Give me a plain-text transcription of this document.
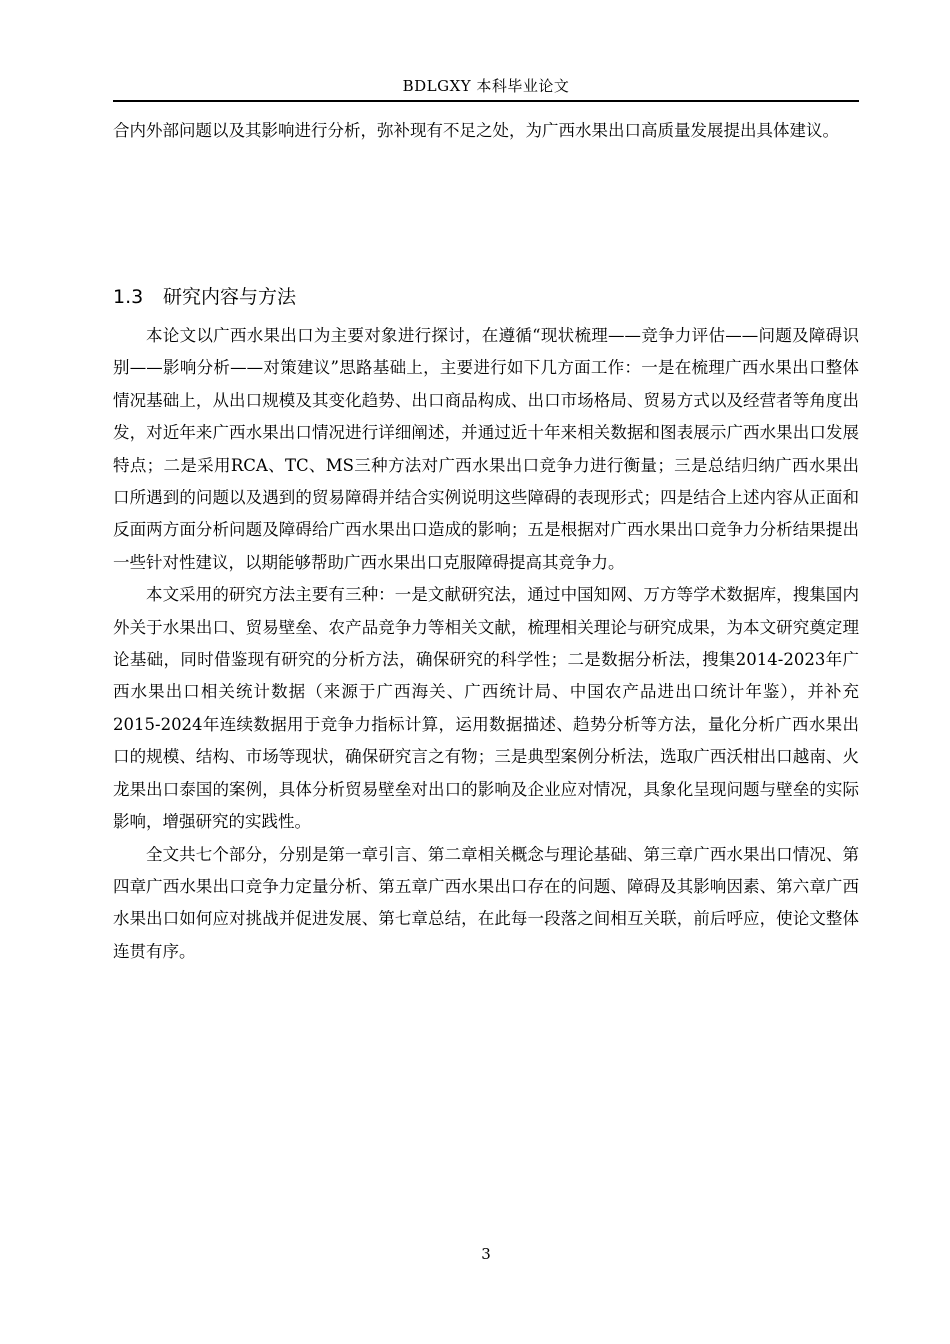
BDLGXY 本科毕业论文

合内外部问题以及其影响进行分析，弥补现有不足之处，为广西水果出口高质量发展提出具体建议。

1.3 研究内容与方法

本论文以广西水果出口为主要对象进行探讨，在遵循“现状梳理——竞争力评估——问题及障碍识别——影响分析——对策建议”思路基础上，主要进行如下几方面工作：一是在梳理广西水果出口整体情况基础上，从出口规模及其变化趋势、出口商品构成、出口市场格局、贸易方式以及经营者等角度出发，对近年来广西水果出口情况进行详细阐述，并通过近十年来相关数据和图表展示广西水果出口发展特点；二是采用RCA、TC、MS三种方法对广西水果出口竞争力进行衡量；三是总结归纳广西水果出口所遇到的问题以及遇到的贸易障碍并结合实例说明这些障碍的表现形式；四是结合上述内容从正面和反面两方面分析问题及障碍给广西水果出口造成的影响；五是根据对广西水果出口竞争力分析结果提出一些针对性建议，以期能够帮助广西水果出口克服障碍提高其竞争力。

本文采用的研究方法主要有三种：一是文献研究法，通过中国知网、万方等学术数据库，搜集国内外关于水果出口、贸易壁垒、农产品竞争力等相关文献，梳理相关理论与研究成果，为本文研究奠定理论基础，同时借鉴现有研究的分析方法，确保研究的科学性；二是数据分析法，搜集2014-2023年广西水果出口相关统计数据（来源于广西海关、广西统计局、中国农产品进出口统计年鉴），并补充2015-2024年连续数据用于竞争力指标计算，运用数据描述、趋势分析等方法，量化分析广西水果出口的规模、结构、市场等现状，确保研究言之有物；三是典型案例分析法，选取广西沃柑出口越南、火龙果出口泰国的案例，具体分析贸易壁垒对出口的影响及企业应对情况，具象化呈现问题与壁垒的实际影响，增强研究的实践性。

全文共七个部分，分别是第一章引言、第二章相关概念与理论基础、第三章广西水果出口情况、第四章广西水果出口竞争力定量分析、第五章广西水果出口存在的问题、障碍及其影响因素、第六章广西水果出口如何应对挑战并促进发展、第七章总结，在此每一段落之间相互关联，前后呼应，使论文整体连贯有序。

3
